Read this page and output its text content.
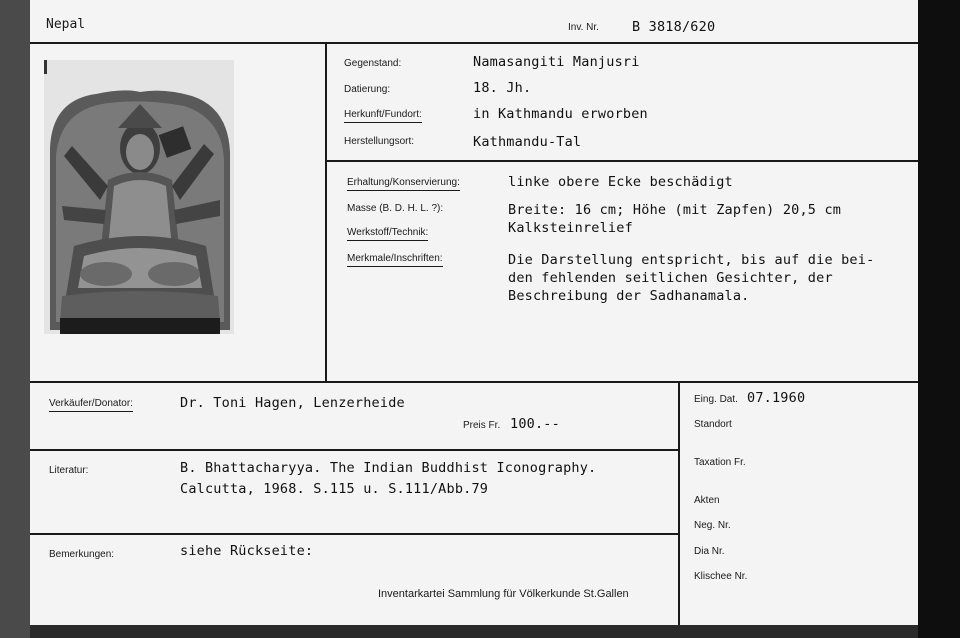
Nepal	Inv. Nr. B 3818/620
Gegenstand:	Namasangiti Manjusri
Datierung:	18. Jh.
Herkunft/Fundort:	in Kathmandu erworben
Herstellungsort:	Kathmandu-Tal
Erhaltung/Konservierung:	linke obere Ecke beschädigt
Masse (B. D. H. L. ?):	Breite: 16 cm; Höhe (mit Zapfen) 20,5 cm
Werkstoff/Technik:	Kalksteinrelief
Merkmale/Inschriften:	Die Darstellung entspricht, bis auf die bei-
den fehlenden seitlichen Gesichter, der
Beschreibung der Sadhanamala.
Verkäufer/Donator:	Dr. Toni Hagen, Lenzerheide
Preis Fr. 100.--
Literatur:	B. Bhattacharyya. The Indian Buddhist Iconography.
Calcutta, 1968. S.115 u. S.111/Abb.79
Bemerkungen:	siehe Rückseite:
Inventarkartei Sammlung für Völkerkunde St.Gallen
Eing. Dat. 07.1960
Standort
Taxation Fr.
Akten
Neg. Nr.
Dia Nr.
Klischee Nr.
